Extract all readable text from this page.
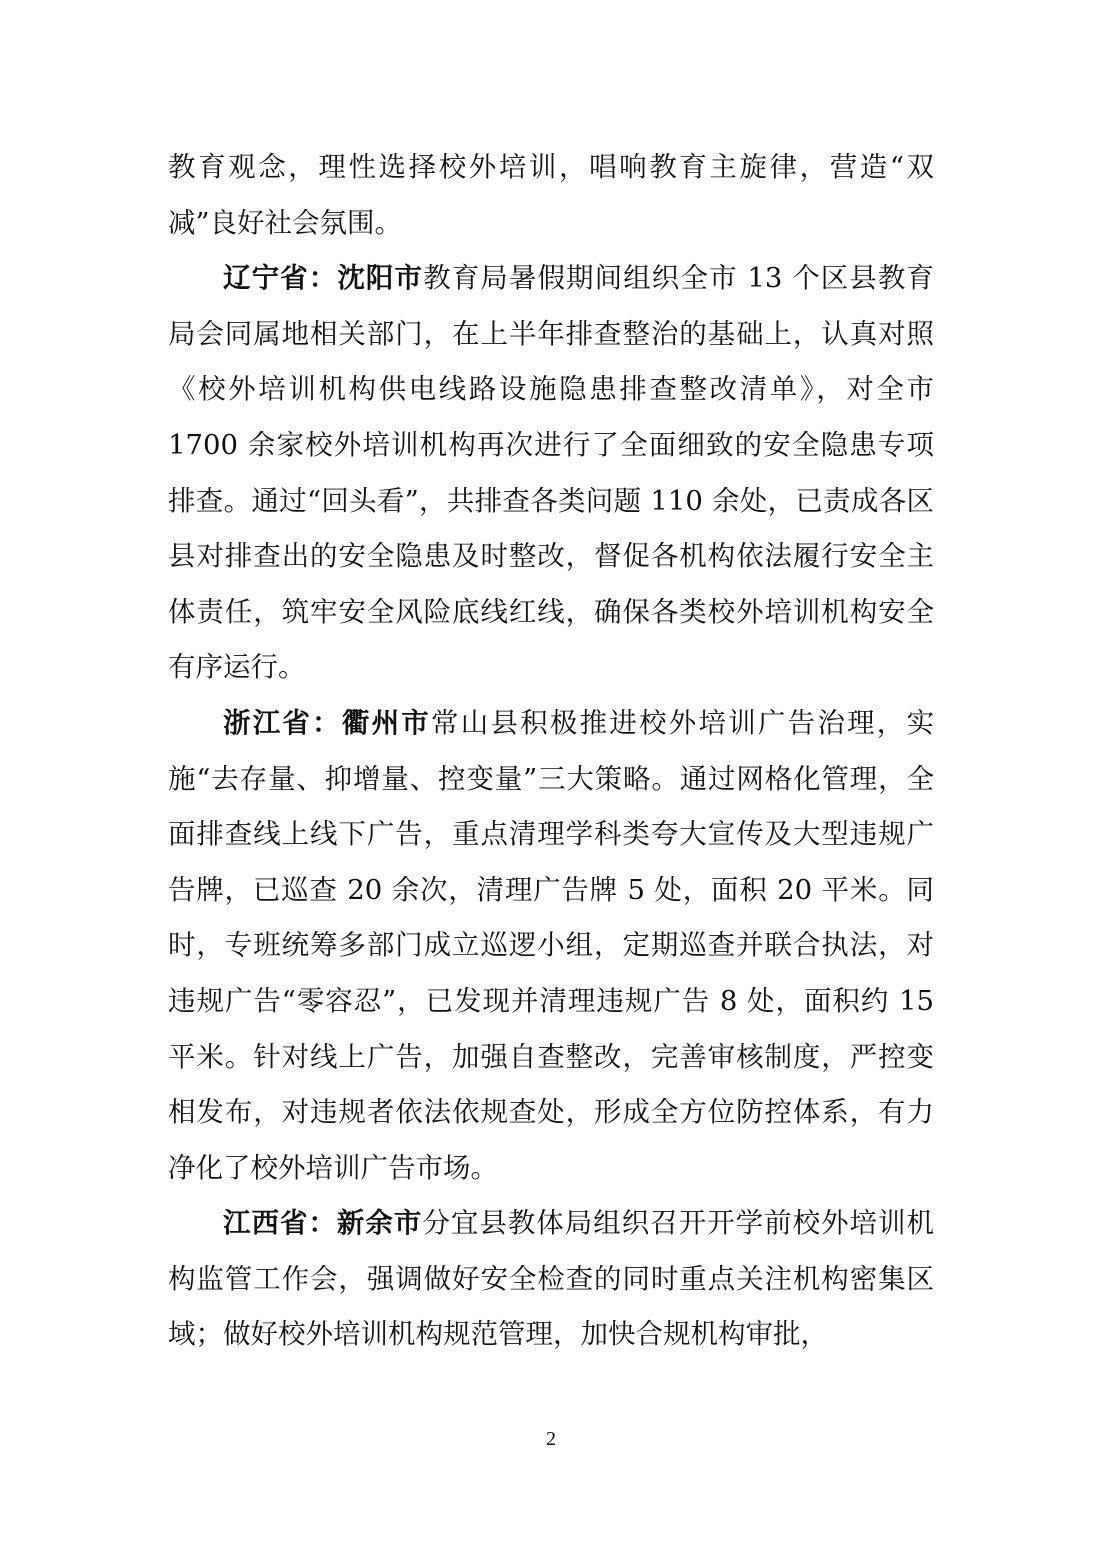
教育观念，理性选择校外培训，唱响教育主旋律，营造“双减”良好社会氛围。

辽宁省：沈阳市教育局暑假期间组织全市 13 个区县教育局会同属地相关部门，在上半年排查整治的基础上，认真对照《校外培训机构供电线路设施隐患排查整改清单》，对全市 1700 余家校外培训机构再次进行了全面细致的安全隐患专项排查。通过“回头看”，共排查各类问题 110 余处，已责成各区县对排查出的安全隐患及时整改，督促各机构依法履行安全主体责任，筑牢安全风险底线红线，确保各类校外培训机构安全有序运行。

浙江省：衢州市常山县积极推进校外培训广告治理，实施“去存量、抑增量、控变量”三大策略。通过网格化管理，全面排查线上线下广告，重点清理学科类夸大宣传及大型违规广告牌，已巡查 20 余次，清理广告牌 5 处，面积 20 平米。同时，专班统筹多部门成立巡逻小组，定期巡查并联合执法，对违规广告“零容忍”，已发现并清理违规广告 8 处，面积约 15 平米。针对线上广告，加强自查整改，完善审核制度，严控变相发布，对违规者依法依规查处，形成全方位防控体系，有力净化了校外培训广告市场。

江西省：新余市分宜县教体局组织召开开学前校外培训机构监管工作会，强调做好安全检查的同时重点关注机构密集区域；做好校外培训机构规范管理，加快合规机构审批，

2
